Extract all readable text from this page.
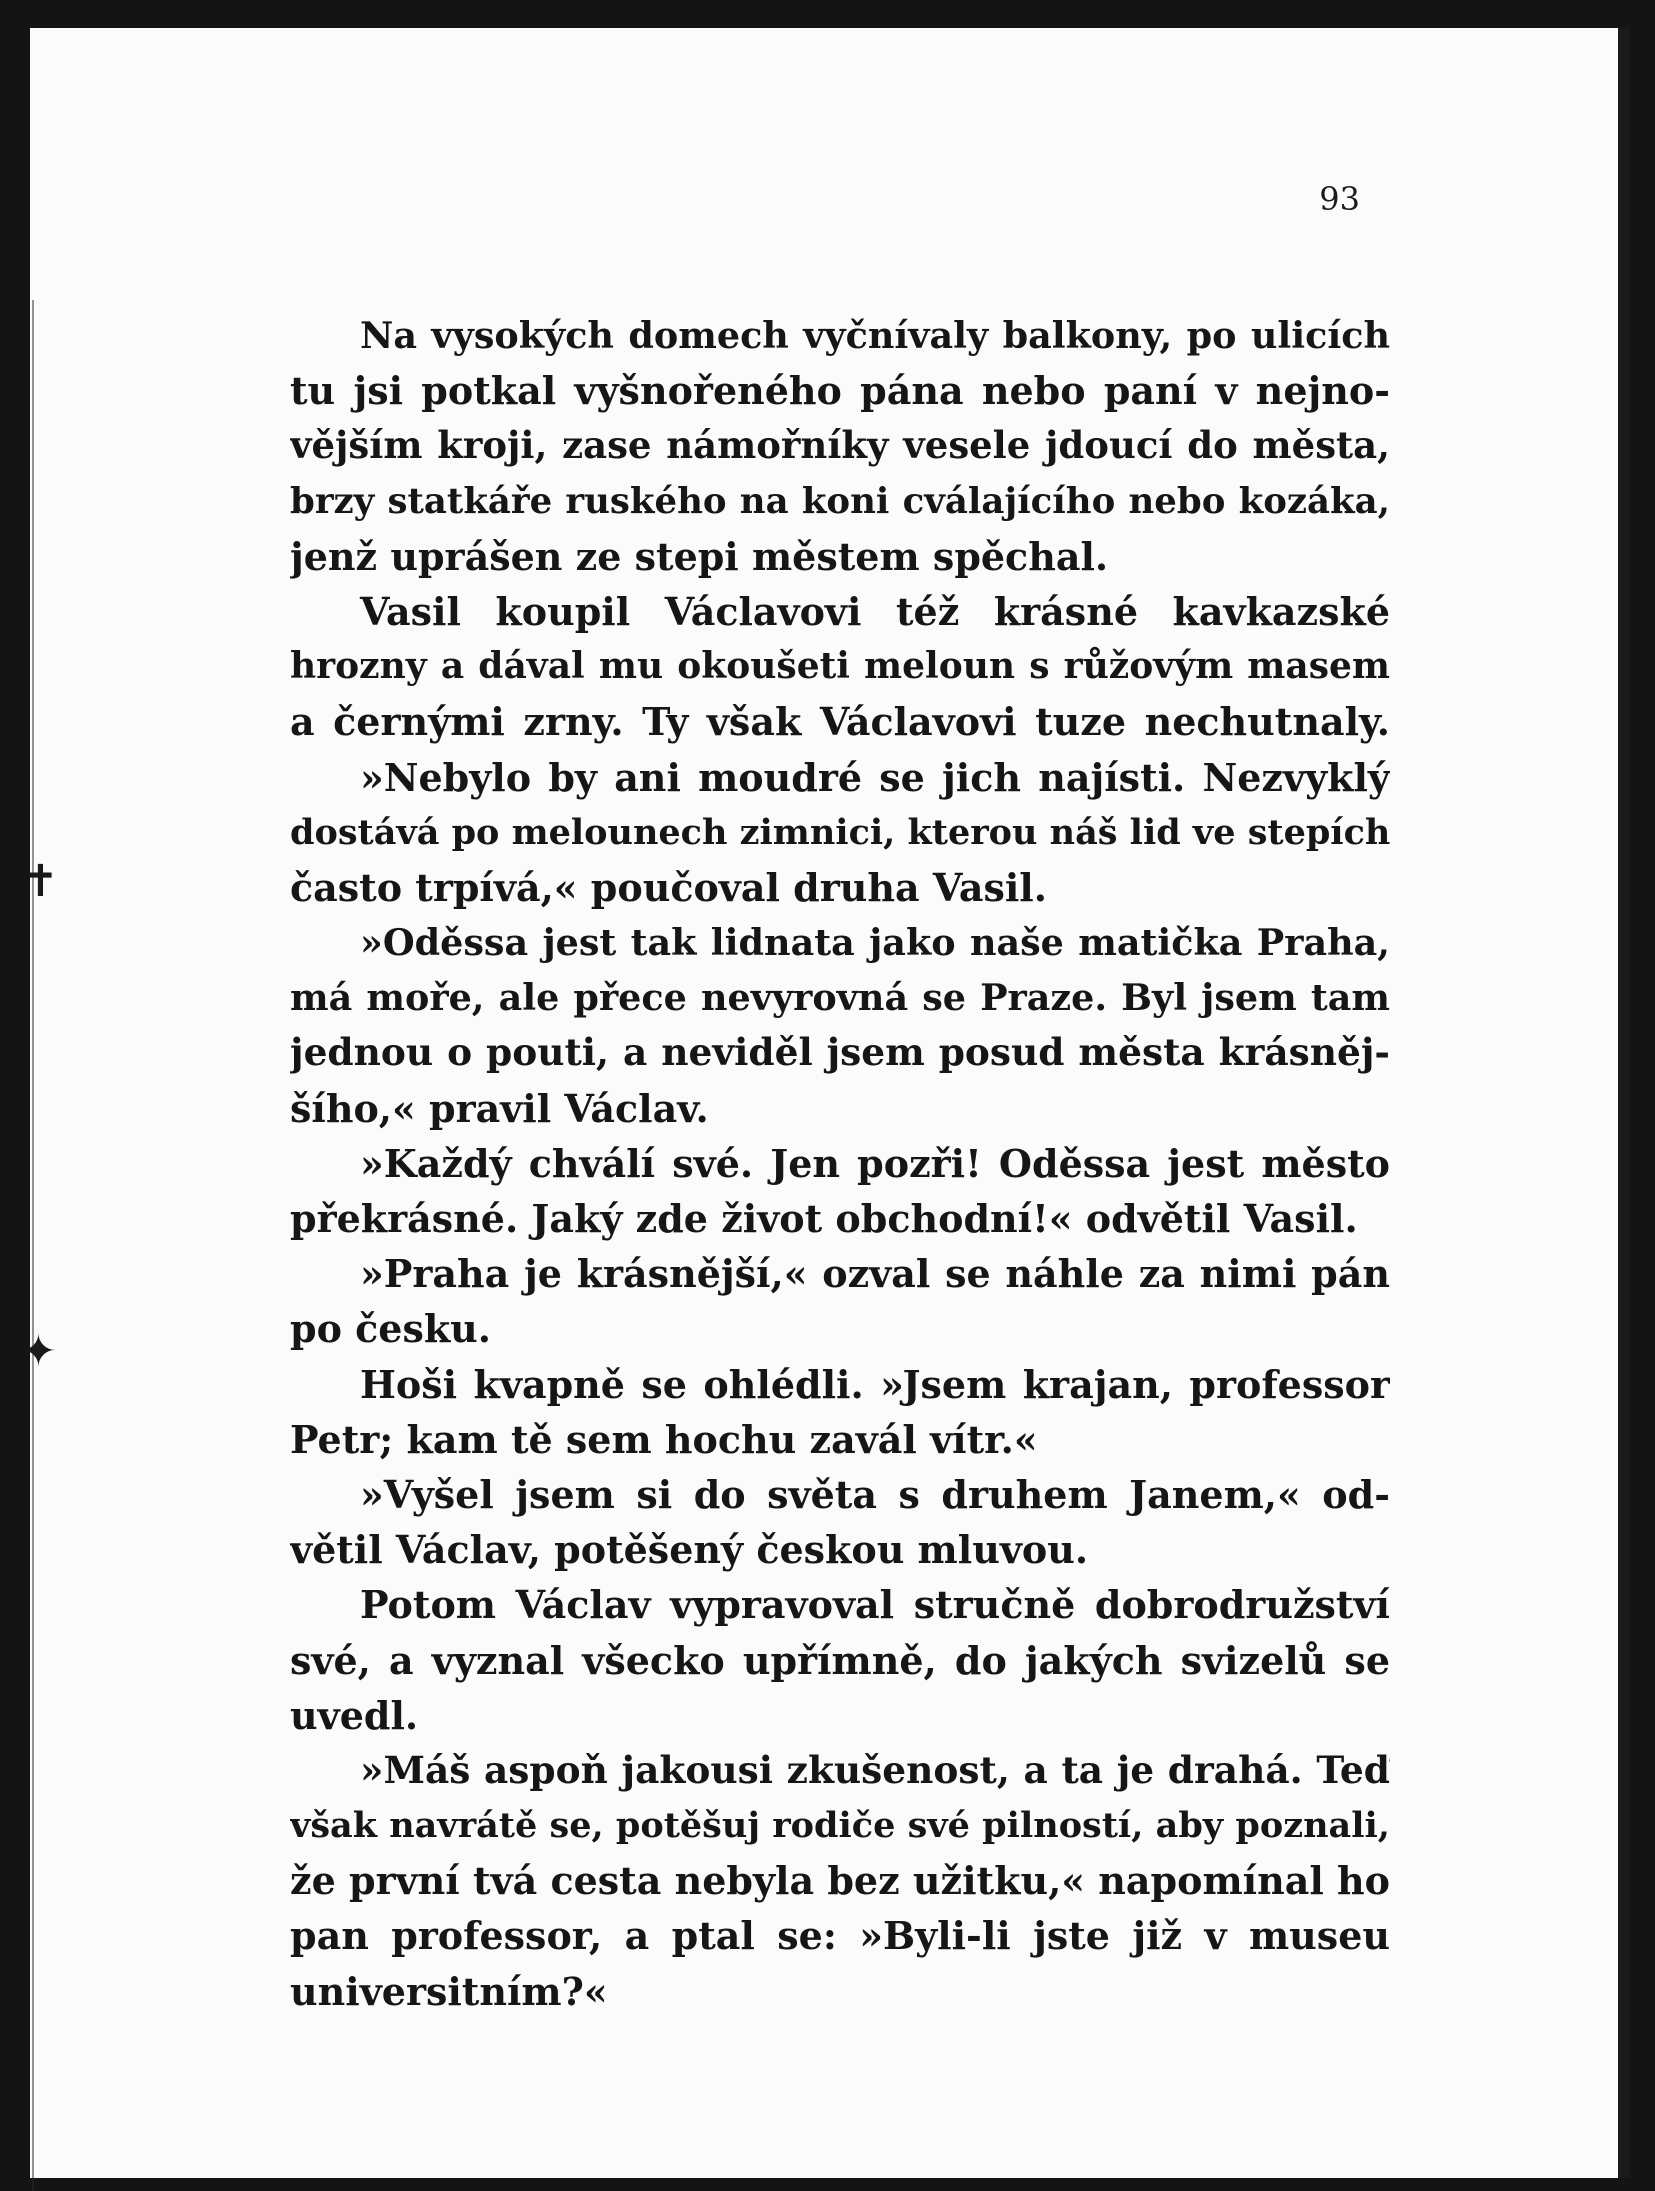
93

Na vysokých domech vyčnívaly balkony, po ulicích
tu jsi potkal vyšnořeného pána nebo paní v nejno-
vějším kroji, zase námořníky vesele jdoucí do města,
brzy statkáře ruského na koni cválajícího nebo kozáka,
jenž uprášen ze stepi městem spěchal.
Vasil koupil Václavovi též krásné kavkazské
hrozny a dával mu okoušeti meloun s růžovým masem
a černými zrny. Ty však Václavovi tuze nechutnaly.
»Nebylo by ani moudré se jich najísti. Nezvyklý
dostává po melounech zimnici, kterou náš lid ve stepích
často trpívá,« poučoval druha Vasil.
»Oděssa jest tak lidnata jako naše matička Praha,
má moře, ale přece nevyrovná se Praze. Byl jsem tam
jednou o pouti, a neviděl jsem posud města krásněj-
šího,« pravil Václav.
»Každý chválí své. Jen pozři! Oděssa jest město
překrásné. Jaký zde život obchodní!« odvětil Vasil.
»Praha je krásnější,« ozval se náhle za nimi pán
po česku.
Hoši kvapně se ohlédli. »Jsem krajan, professor
Petr; kam tě sem hochu zavál vítr.«
»Vyšel jsem si do světa s druhem Janem,« od-
větil Václav, potěšený českou mluvou.
Potom Václav vypravoval stručně dobrodružství
své, a vyznal všecko upřímně, do jakých svizelů se
uvedl.
»Máš aspoň jakousi zkušenost, a ta je drahá. Teď
však navrátě se, potěšuj rodiče své pilností, aby poznali,
že první tvá cesta nebyla bez užitku,« napomínal ho
pan professor, a ptal se: »Byli-li jste již v museu
universitním?«
✝
✦
